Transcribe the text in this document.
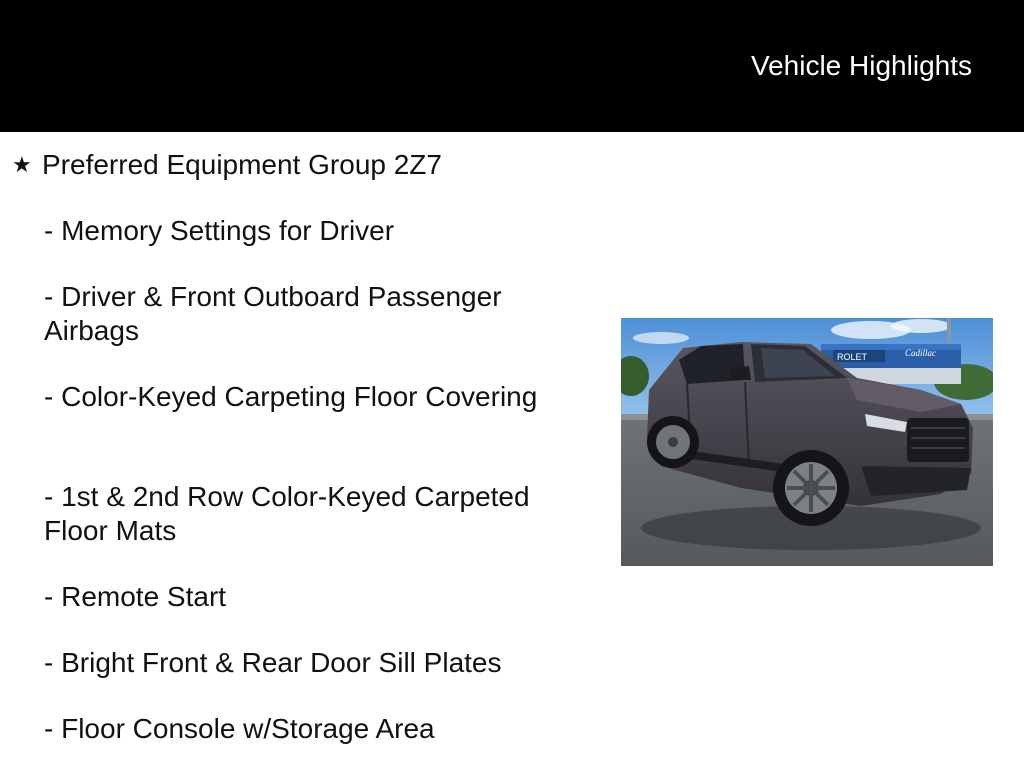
Vehicle Highlights
★ Preferred Equipment Group 2Z7
- Memory Settings for Driver
- Driver & Front Outboard Passenger Airbags
- Color-Keyed Carpeting Floor Covering
- 1st & 2nd Row Color-Keyed Carpeted Floor Mats
- Remote Start
- Bright Front & Rear Door Sill Plates
- Floor Console w/Storage Area
ROLET	Cadillac
